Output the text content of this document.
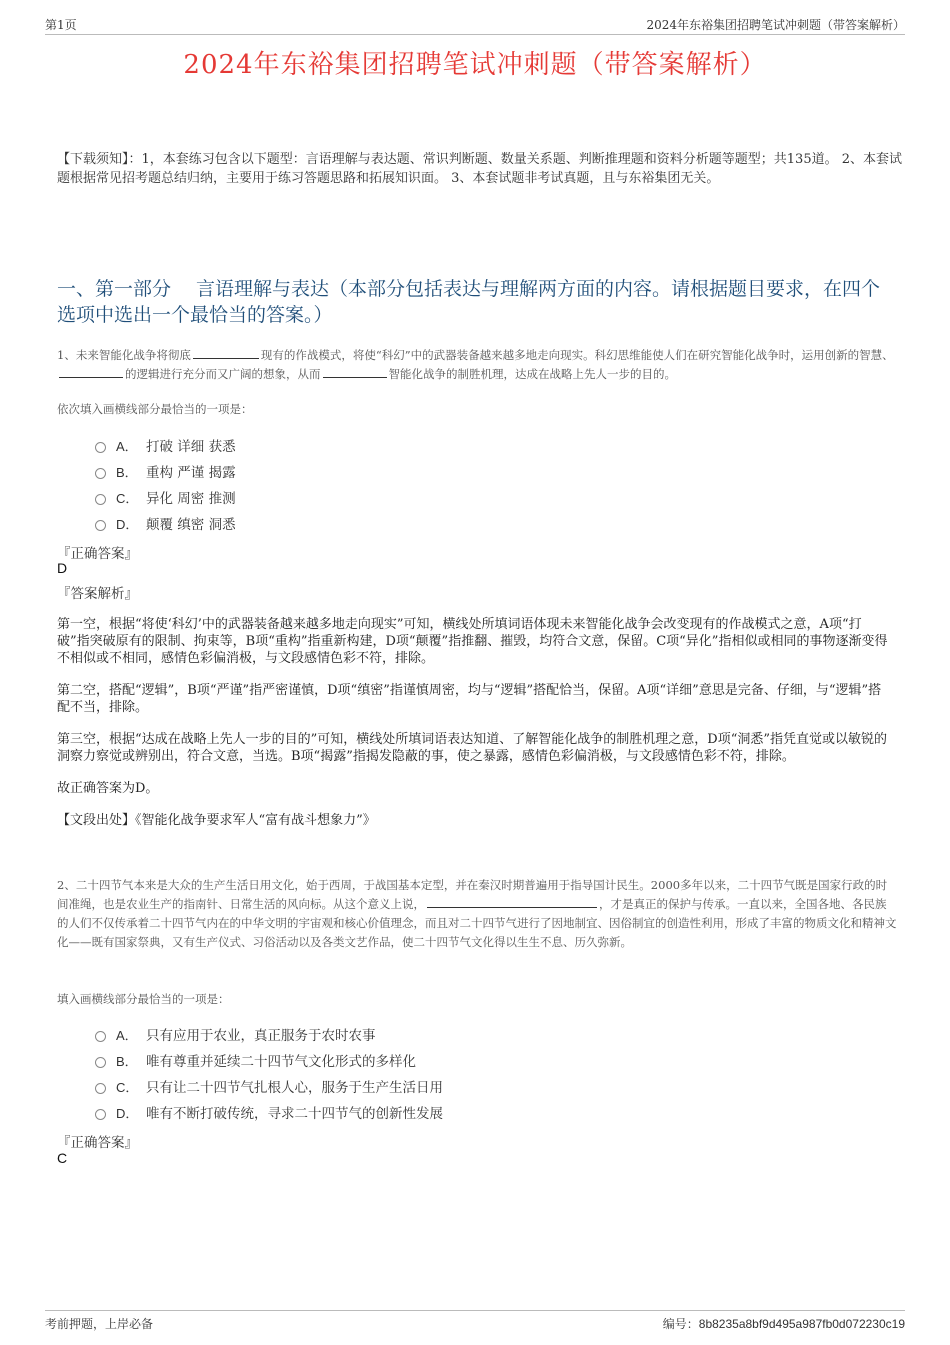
第1页	2024年东裕集团招聘笔试冲刺题（带答案解析）
2024年东裕集团招聘笔试冲刺题（带答案解析）
【下载须知】：1，本套练习包含以下题型：言语理解与表达题、常识判断题、数量关系题、判断推理题和资料分析题等题型；共135道。 2、本套试题根据常见招考题总结归纳，主要用于练习答题思路和拓展知识面。 3、本套试题非考试真题，且与东裕集团无关。
一、第一部分　 言语理解与表达（本部分包括表达与理解两方面的内容。请根据题目要求，在四个选项中选出一个最恰当的答案。）
1、未来智能化战争将彻底	现有的作战模式，将使“科幻”中的武器装备越来越多地走向现实。科幻思维能使人们在研究智能化战争时，运用创新的智慧、的逻辑进行充分而又广阔的想象，从而	智能化战争的制胜机理，达成在战略上先人一步的目的。
依次填入画横线部分最恰当的一项是：
A． 打破 详细 获悉
B． 重构 严谨 揭露
C． 异化 周密 推测
D． 颠覆 缜密 洞悉
『正确答案』
D
『答案解析』

第一空，根据“将使‘科幻’中的武器装备越来越多地走向现实”可知，横线处所填词语体现未来智能化战争会改变现有的作战模式之意，A项“打破”指突破原有的限制、拘束等，B项“重构”指重新构建，D项“颠覆”指推翻、摧毁，均符合文意，保留。C项“异化”指相似或相同的事物逐渐变得不相似或不相同，感情色彩偏消极，与文段感情色彩不符，排除。

第二空，搭配“逻辑”，B项“严谨”指严密谨慎，D项“缜密”指谨慎周密，均与“逻辑”搭配恰当，保留。A项“详细”意思是完备、仔细，与“逻辑”搭配不当，排除。

第三空，根据“达成在战略上先人一步的目的”可知，横线处所填词语表达知道、了解智能化战争的制胜机理之意，D项“洞悉”指凭直觉或以敏锐的洞察力察觉或辨别出，符合文意，当选。B项“揭露”指揭发隐蔽的事，使之暴露，感情色彩偏消极，与文段感情色彩不符，排除。

故正确答案为D。

【文段出处】《智能化战争要求军人“富有战斗想象力”》

2、二十四节气本来是大众的生产生活日用文化，始于西周，于战国基本定型，并在秦汉时期普遍用于指导国计民生。2000多年以来，二十四节气既是国家行政的时间准绳，也是农业生产的指南针、日常生活的风向标。从这个意义上说，	，才是真正的保护与传承。一直以来，全国各地、各民族的人们不仅传承着二十四节气内在的中华文明的宇宙观和核心价值理念，而且对二十四节气进行了因地制宜、因俗制宜的创造性利用，形成了丰富的物质文化和精神文化——既有国家祭典，又有生产仪式、习俗活动以及各类文艺作品，使二十四节气文化得以生生不息、历久弥新。
填入画横线部分最恰当的一项是：
A． 只有应用于农业，真正服务于农时农事
B． 唯有尊重并延续二十四节气文化形式的多样化
C． 只有让二十四节气扎根人心，服务于生产生活日用
D． 唯有不断打破传统，寻求二十四节气的创新性发展
『正确答案』
C
考前押题，上岸必备	编号：8b8235a8bf9d495a987fb0d072230c19
